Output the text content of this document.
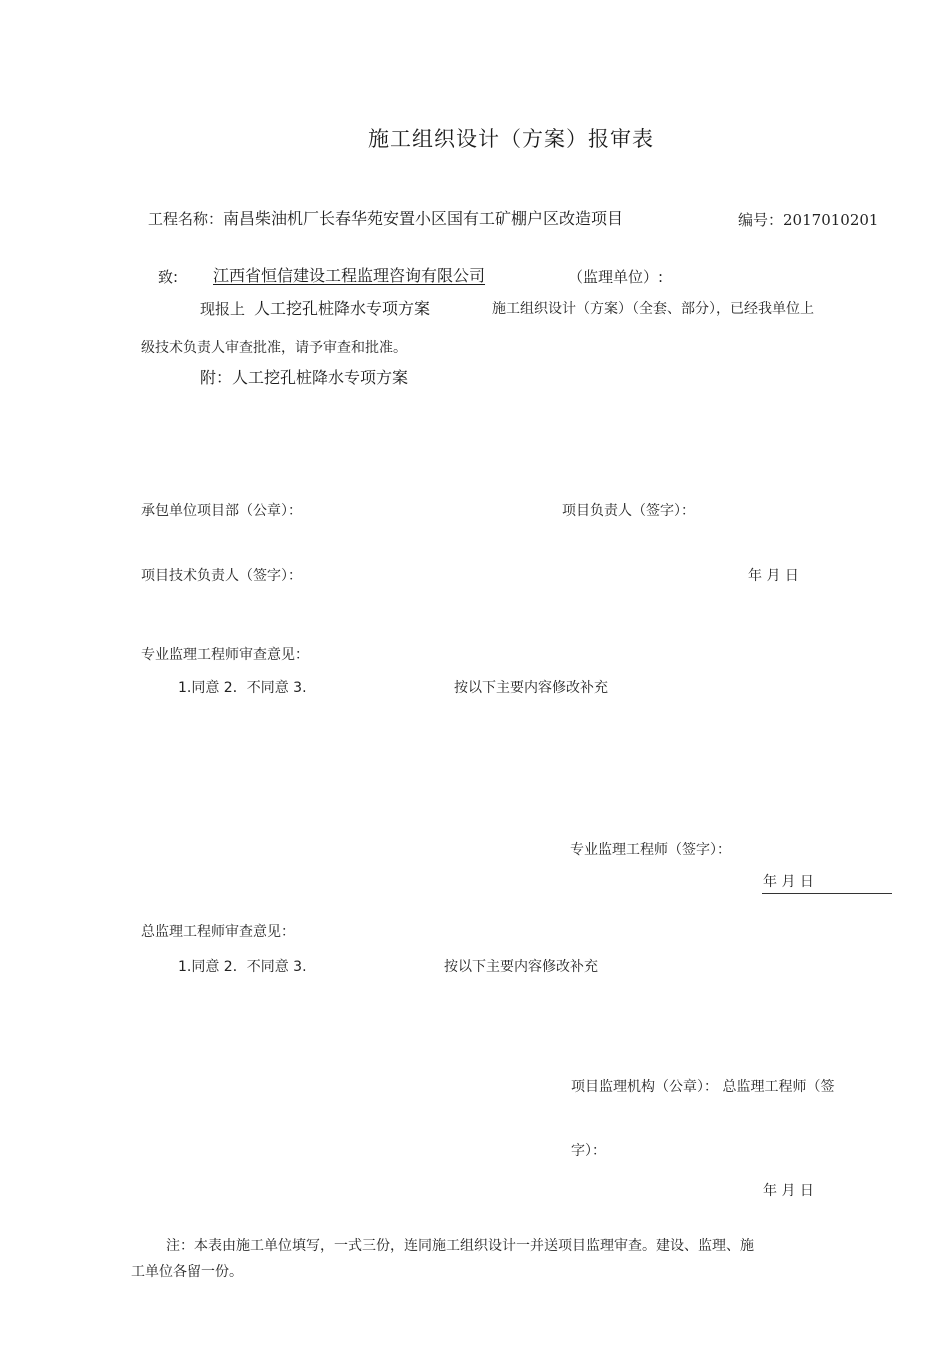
施工组织设计（方案）报审表
工程名称：南昌柴油机厂长春华苑安置小区国有工矿棚户区改造项目	编号：2017010201
致: 江西省恒信建设工程监理咨询有限公司	（监理单位）:
现报上 人工挖孔桩降水专项方案	施工组织设计（方案）（全套、部分），已经我单位上
级技术负责人审查批准，请予审查和批准。
附：人工挖孔桩降水专项方案
承包单位项目部（公章）：	项目负责人（签字）：
项目技术负责人（签字）：	年 月 日
专业监理工程师审查意见：
1.同意 2．不同意 3.	按以下主要内容修改补充
专业监理工程师（签字）：
年 月 日
总监理工程师审查意见：
1.同意 2．不同意 3.	按以下主要内容修改补充
项目监理机构（公章）： 总监理工程师（签
字）：
年 月 日
注：本表由施工单位填写，一式三份，连同施工组织设计一并送项目监理审查。建设、监理、施
工单位各留一份。
